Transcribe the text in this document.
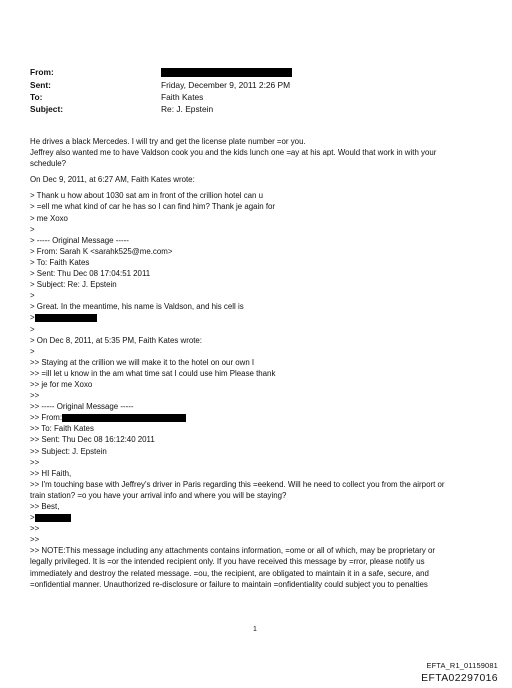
From:
Sent:	Friday, December 9, 2011 2:26 PM
To:	Faith Kates
Subject:	Re: J. Epstein
He drives a black Mercedes. I will try and get the license plate number =or you.
Jeffrey also wanted me to have Valdson cook you and the kids lunch one =ay at his apt. Would that work in with your
schedule?
On Dec 9, 2011, at 6:27 AM, Faith Kates wrote:
> Thank u how about 1030 sat am in front of the crillion hotel can u
> =ell me what kind of car he has so I can find him? Thank je again for
> me Xoxo
>
> ----- Original Message -----
> From: Sarah K <sarahk525@me.com>
> To: Faith Kates
> Sent: Thu Dec 08 17:04:51 2011
> Subject: Re: J. Epstein
>
> Great. In the meantime, his name is Valdson, and his cell is
>
>
> On Dec 8, 2011, at 5:35 PM, Faith Kates wrote:
>
>> Staying at the crillion we will make it to the hotel on our own I
>> =ill let u know in the am what time sat I could use him Please thank
>> je for me Xoxo
>>
>> ----- Original Message -----
>> From:
>> To: Faith Kates
>> Sent: Thu Dec 08 16:12:40 2011
>> Subject: J. Epstein
>>
>> HI Faith,
>> I'm touching base with Jeffrey's driver in Paris regarding this =eekend. Will he need to collect you from the airport or
train station? =o you have your arrival info and where you will be staying?
>> Best,
>
>>
>>
>> NOTE:This message including any attachments contains information, =ome or all of which, may be proprietary or
legally privileged. It is =or the intended recipient only. If you have received this message by =rror, please notify us
immediately and destroy the related message. =ou, the recipient, are obligated to maintain it in a safe, secure, and
=onfidential manner. Unauthorized re-disclosure or failure to maintain =onfidentiality could subject you to penalties
1
EFTA_R1_01159081
EFTA02297016
